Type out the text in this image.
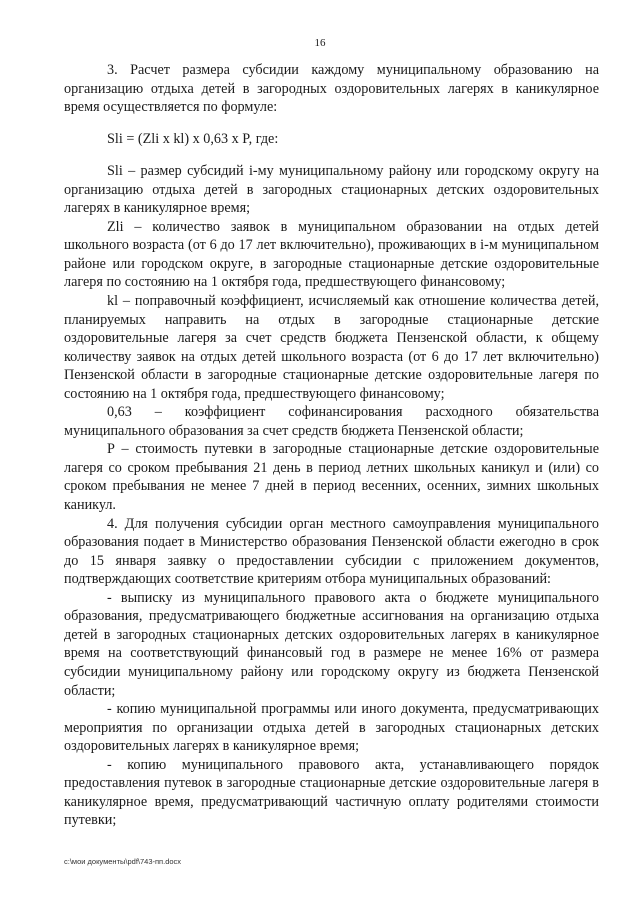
16

3. Расчет размера субсидии каждому муниципальному образованию на организацию отдыха детей в загородных оздоровительных лагерях в каникулярное время осуществляется по формуле:

Sli = (Zli x kl) x 0,63 x P, где:

Sli – размер субсидий i-му муниципальному району или городскому округу на организацию отдыха детей в загородных стационарных детских оздоровительных лагерях в каникулярное время;

Zli – количество заявок в муниципальном образовании на отдых детей школьного возраста (от 6 до 17 лет включительно), проживающих в i-м муниципальном районе или городском округе, в загородные стационарные детские оздоровительные лагеря по состоянию на 1 октября года, предшествующего финансовому;

kl – поправочный коэффициент, исчисляемый как отношение количества детей, планируемых направить на отдых в загородные стационарные детские оздоровительные лагеря за счет средств бюджета Пензенской области, к общему количеству заявок на отдых детей школьного возраста (от 6 до 17 лет включительно) Пензенской области в загородные стационарные детские оздоровительные лагеря по состоянию на 1 октября года, предшествующего финансовому;

0,63 – коэффициент софинансирования расходного обязательства муниципального образования за счет средств бюджета Пензенской области;

Р – стоимость путевки в загородные стационарные детские оздоровительные лагеря со сроком пребывания 21 день в период летних школьных каникул и (или) со сроком пребывания не менее 7 дней в период весенних, осенних, зимних школьных каникул.

4. Для получения субсидии орган местного самоуправления муниципального образования подает в Министерство образования Пензенской области ежегодно в срок до 15 января заявку о предоставлении субсидии с приложением документов, подтверждающих соответствие критериям отбора муниципальных образований:

- выписку из муниципального правового акта о бюджете муниципального образования, предусматривающего бюджетные ассигнования на организацию отдыха детей в загородных стационарных детских оздоровительных лагерях в каникулярное время на соответствующий финансовый год в размере не менее 16% от размера субсидии муниципальному району или городскому округу из бюджета Пензенской области;

- копию муниципальной программы или иного документа, предусматривающих мероприятия по организации отдыха детей в загородных стационарных детских оздоровительных лагерях в каникулярное время;

- копию муниципального правового акта, устанавливающего порядок предоставления путевок в загородные стационарные детские оздоровительные лагеря в каникулярное время, предусматривающий частичную оплату родителями стоимости путевки;

c:\мои документы\pdf\743-пп.docx
